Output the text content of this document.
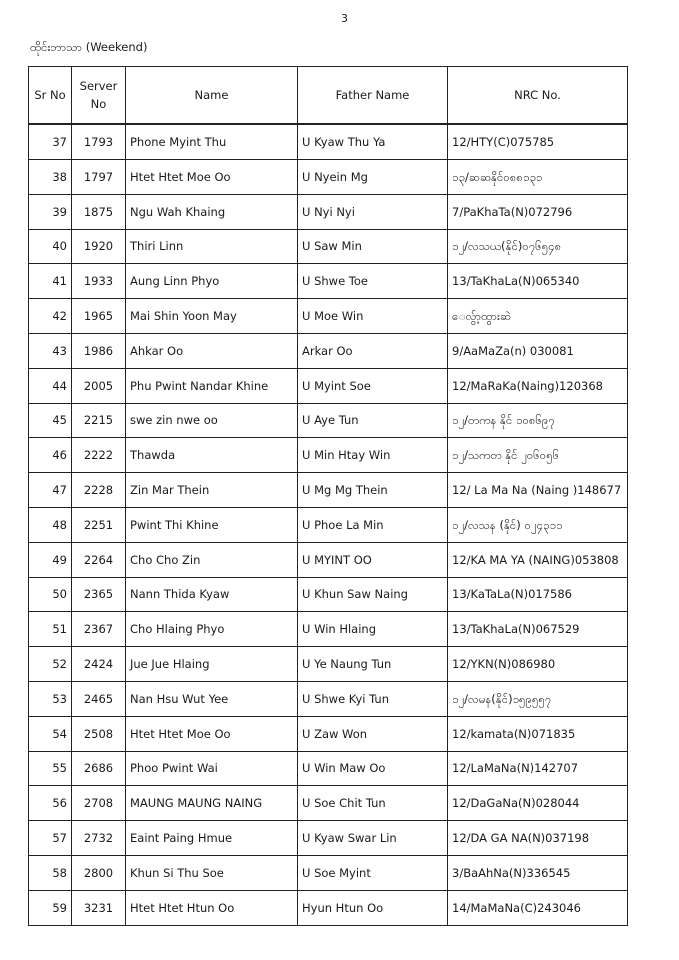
3
ထိုင်းဘာသာ (Weekend)
Sr No	Server No	Name	Father Name	NRC No.
37	1793	Phone Myint Thu	U Kyaw Thu Ya	12/HTY(C)075785
38	1797	Htet Htet Moe Oo	U Nyein Mg	၁၃/ဆဆနိုင်၀၈၈၁၃၁
39	1875	Ngu Wah Khaing	U Nyi Nyi	7/PaKhaTa(N)072796
40	1920	Thiri Linn	U Saw Min	၁၂/လသယ(နိုင်)၀၇၆၅၄၈
41	1933	Aung Linn Phyo	U Shwe Toe	13/TaKhaLa(N)065340
42	1965	Mai Shin Yoon May	U Moe Win	ေလွ်ာ့ထွားဆဲ
43	1986	Ahkar Oo	Arkar Oo	9/AaMaZa(n) 030081
44	2005	Phu Pwint Nandar Khine	U Myint Soe	12/MaRaKa(Naing)120368
45	2215	swe zin nwe oo	U Aye Tun	၁၂/တကန နိုင် ၁၀၈၆၉၇
46	2222	Thawda	U Min Htay Win	၁၂/သကတ နိုင် ၂၀၆၀၅၆
47	2228	Zin Mar Thein	U Mg Mg Thein	12/ La Ma Na (Naing )148677
48	2251	Pwint Thi Khine	U Phoe La Min	၁၂/လသန (နိုင်) ၀၂၄၃၁၁
49	2264	Cho Cho Zin	U MYINT OO	12/KA MA YA (NAING)053808
50	2365	Nann Thida Kyaw	U Khun Saw Naing	13/KaTaLa(N)017586
51	2367	Cho Hlaing Phyo	U Win Hlaing	13/TaKhaLa(N)067529
52	2424	Jue Jue Hlaing	U Ye Naung Tun	12/YKN(N)086980
53	2465	Nan Hsu Wut Yee	U Shwe Kyi Tun	၁၂/လမန(နိုင်)၁၅၉၅၅၇
54	2508	Htet Htet Moe Oo	U Zaw Won	12/kamata(N)071835
55	2686	Phoo Pwint Wai	U Win Maw Oo	12/LaMaNa(N)142707
56	2708	MAUNG MAUNG NAING	U Soe Chit Tun	12/DaGaNa(N)028044
57	2732	Eaint Paing Hmue	U Kyaw Swar Lin	12/DA GA NA(N)037198
58	2800	Khun Si Thu Soe	U Soe Myint	3/BaAhNa(N)336545
59	3231	Htet Htet Htun Oo	Hyun Htun Oo	14/MaMaNa(C)243046
